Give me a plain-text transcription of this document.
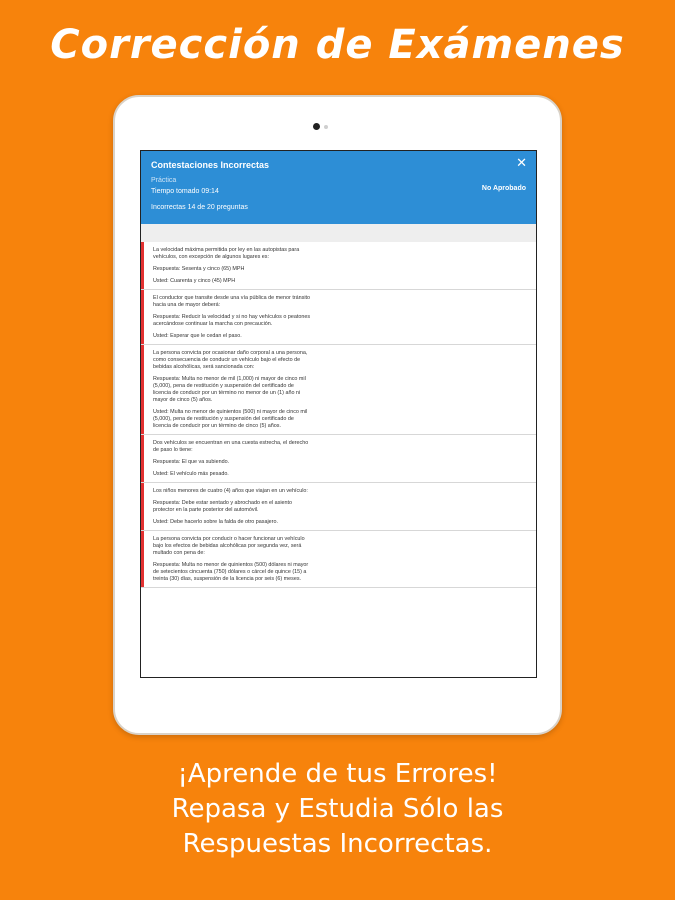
Corrección de Exámenes
Contestaciones Incorrectas
Práctica
Tiempo tomado 09:14
Incorrectas 14 de 20 preguntas
✕
No Aprobado

La velocidad máxima permitida por ley en las autopistas para vehículos, con excepción de algunos lugares es:

Respuesta: Sesenta y cinco (65) MPH

Usted: Cuarenta y cinco (45) MPH

El conductor que transite desde una vía pública de menor tránsito hacia una de mayor deberá:

Respuesta: Reducir la velocidad y si no hay vehículos o peatones acercándose continuar la marcha con precaución.

Usted: Esperar que le cedan el paso.

La persona convicta por ocasionar daño corporal a una persona, como consecuencia de conducir un vehículo bajo el efecto de bebidas alcohólicas, será sancionada con:

Respuesta: Multa no menor de mil (1,000) ni mayor de cinco mil (5,000), pena de restitución y suspensión del certificado de licencia de conducir por un término no menor de un (1) año ni mayor de cinco (5) años.

Usted: Multa no menor de quinientos (500) ni mayor de cinco mil (5,000), pena de restitución y suspensión del certificado de licencia de conducir por un término de cinco (5) años.

Dos vehículos se encuentran en una cuesta estrecha, el derecho de paso lo tiene:

Respuesta: El que va subiendo.

Usted: El vehículo más pesado.

Los niños menores de cuatro (4) años que viajan en un vehículo:

Respuesta: Debe estar sentado y abrochado en el asiento protector en la parte posterior del automóvil.

Usted: Debe hacerlo sobre la falda de otro pasajero.

La persona convicta por conducir o hacer funcionar un vehículo bajo los efectos de bebidas alcohólicas por segunda vez, será multado con pena de:

Respuesta: Multa no menor de quinientos (500) dólares ni mayor de setecientos cincuenta (750) dólares o cárcel de quince (15) a treinta (30) días, suspensión de la licencia por seis (6) meses.

¡Aprende de tus Errores!
Repasa y Estudia Sólo las
Respuestas Incorrectas.
